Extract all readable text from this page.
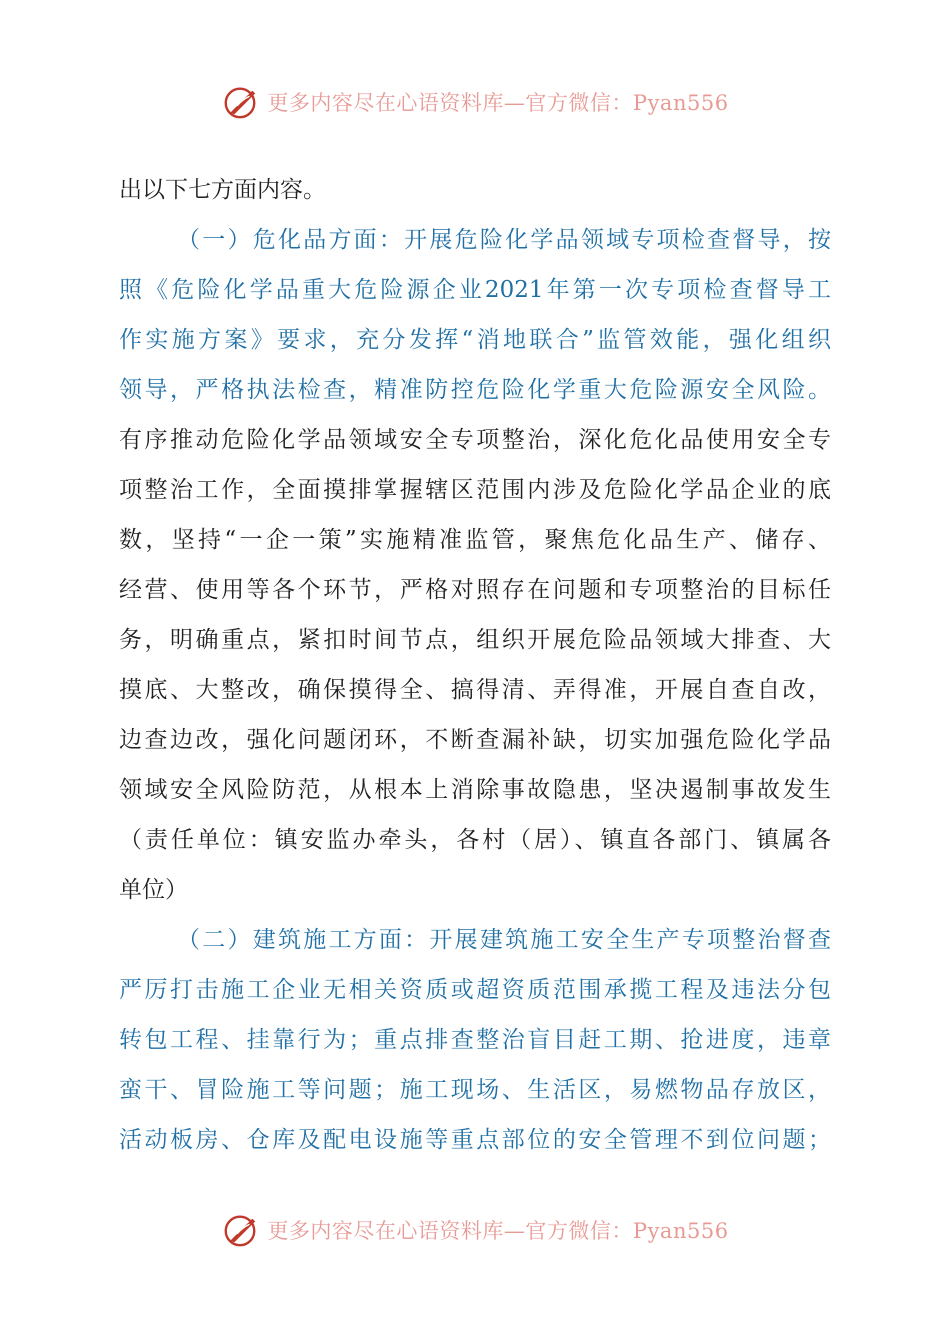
更多内容尽在心语资料库—官方微信：Pyan556
出以下七方面内容。
（一）危化品方面：开展危险化学品领域专项检查督导，按
照《危险化学品重大危险源企业2021年第一次专项检查督导工
作实施方案》要求，充分发挥“消地联合”监管效能，强化组织
领导，严格执法检查，精准防控危险化学重大危险源安全风险。
有序推动危险化学品领域安全专项整治，深化危化品使用安全专
项整治工作，全面摸排掌握辖区范围内涉及危险化学品企业的底
数，坚持“一企一策”实施精准监管，聚焦危化品生产、储存、
经营、使用等各个环节，严格对照存在问题和专项整治的目标任
务，明确重点，紧扣时间节点，组织开展危险品领域大排查、大
摸底、大整改，确保摸得全、搞得清、弄得准，开展自查自改，
边查边改，强化问题闭环，不断查漏补缺，切实加强危险化学品
领域安全风险防范，从根本上消除事故隐患，坚决遏制事故发生
（责任单位：镇安监办牵头，各村（居）、镇直各部门、镇属各
单位）
（二）建筑施工方面：开展建筑施工安全生产专项整治督查
严厉打击施工企业无相关资质或超资质范围承揽工程及违法分包
转包工程、挂靠行为；重点排查整治盲目赶工期、抢进度，违章
蛮干、冒险施工等问题；施工现场、生活区，易燃物品存放区，
活动板房、仓库及配电设施等重点部位的安全管理不到位问题；
更多内容尽在心语资料库—官方微信：Pyan556
